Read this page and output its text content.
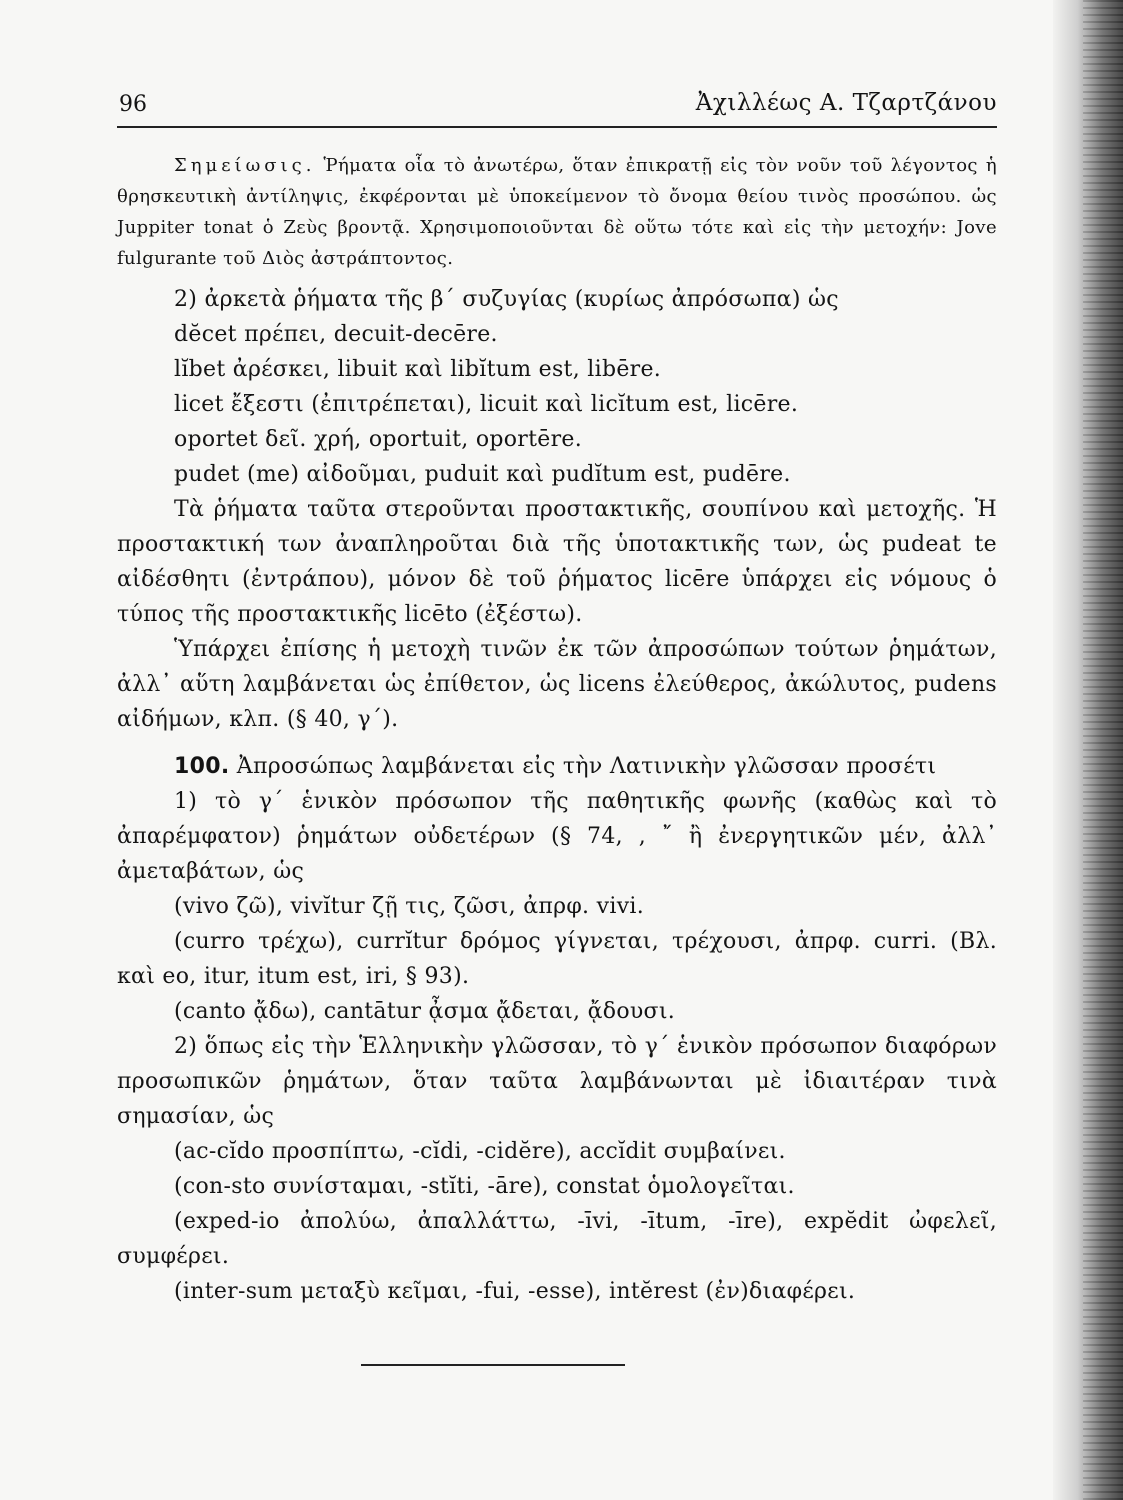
96	Ἀχιλλέως Α. Τζαρτζάνου

Σημείωσις. Ῥήματα οἷα τὸ ἀνωτέρω, ὅταν ἐπικρατῇ εἰς τὸν νοῦν τοῦ λέγοντος ἡ θρησκευτικὴ ἀντίληψις, ἐκφέρονται μὲ ὑποκείμενον τὸ ὄνομα θείου τινὸς προσώπου. ὡς Juppiter tonat ὁ Ζεὺς βροντᾷ. Χρησιμοποιοῦνται δὲ οὕτω τότε καὶ εἰς τὴν μετοχήν: Jove fulgurante τοῦ Διὸς ἀστράπτοντος.

2) ἀρκετὰ ῥήματα τῆς β΄ συζυγίας (κυρίως ἀπρόσωπα) ὡς

dĕcet πρέπει, decuit-decēre.

lĭbet ἀρέσκει, libuit καὶ libĭtum est, libēre.

licet ἔξεστι (ἐπιτρέπεται), licuit καὶ licĭtum est, licēre.

oportet δεῖ. χρή, oportuit, oportēre.

pudet (me) αἰδοῦμαι, puduit καὶ pudĭtum est, pudēre.

Τὰ ῥήματα ταῦτα στεροῦνται προστακτικῆς, σουπίνου καὶ μετοχῆς. Ἡ προστακτική των ἀναπληροῦται διὰ τῆς ὑποτακτικῆς των, ὡς pudeat te αἰδέσθητι (ἐντράπου), μόνον δὲ τοῦ ῥήματος licēre ὑπάρχει εἰς νόμους ὁ τύπος τῆς προστακτικῆς licēto (ἐξέστω).

Ὑπάρχει ἐπίσης ἡ μετοχὴ τινῶν ἐκ τῶν ἀπροσώπων τούτων ῥημάτων, ἀλλ᾽ αὕτη λαμβάνεται ὡς ἐπίθετον, ὡς licens ἐλεύθερος, ἀκώλυτος, pudens αἰδήμων, κλπ. (§ 40, γ΄).

100. Ἀπροσώπως λαμβάνεται εἰς τὴν Λατινικὴν γλῶσσαν προσέτι

1) τὸ γ΄ ἑνικὸν πρόσωπον τῆς παθητικῆς φωνῆς (καθὼς καὶ τὸ ἀπαρέμφατον) ῥημάτων οὐδετέρων (§ 74, , ῎ ἢ ἐνεργητικῶν μέν, ἀλλ᾽ ἀμεταβάτων, ὡς

(vivo ζῶ), vivĭtur ζῇ τις, ζῶσι, ἀπρφ. vivi.

(curro τρέχω), currĭtur δρόμος γίγνεται, τρέχουσι, ἀπρφ. curri. (Βλ. καὶ eo, itur, itum est, iri, § 93).

(canto ᾄδω), cantātur ᾆσμα ᾄδεται, ᾄδουσι.

2) ὅπως εἰς τὴν Ἑλληνικὴν γλῶσσαν, τὸ γ΄ ἑνικὸν πρόσωπον διαφόρων προσωπικῶν ῥημάτων, ὅταν ταῦτα λαμβάνωνται μὲ ἰδιαιτέραν τινὰ σημασίαν, ὡς

(ac-cĭdo προσπίπτω, -cĭdi, -cidĕre), accĭdit συμβαίνει.

(con-sto συνίσταμαι, -stĭti, -āre), constat ὁμολογεῖται.

(exped-io ἀπολύω, ἀπαλλάττω, -īvi, -ītum, -īre), expĕdit ὠφελεῖ, συμφέρει.

(inter-sum μεταξὺ κεῖμαι, -fui, -esse), intĕrest (ἐν)διαφέρει.
